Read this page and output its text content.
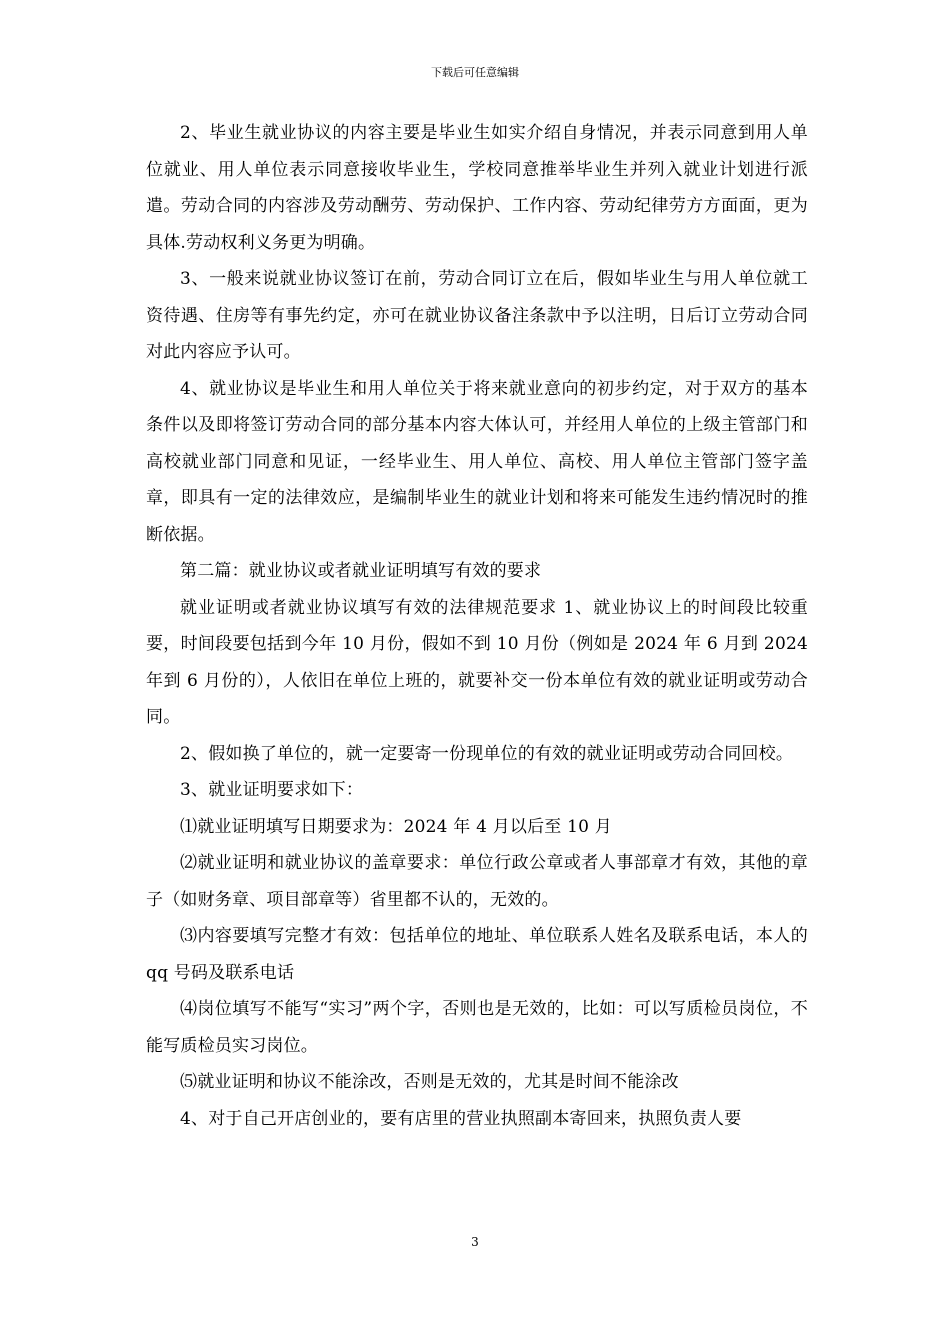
下载后可任意编辑

2、毕业生就业协议的内容主要是毕业生如实介绍自身情况，并表示同意到用人单位就业、用人单位表示同意接收毕业生，学校同意推举毕业生并列入就业计划进行派遣。劳动合同的内容涉及劳动酬劳、劳动保护、工作内容、劳动纪律劳方方面面，更为具体.劳动权利义务更为明确。

3、一般来说就业协议签订在前，劳动合同订立在后，假如毕业生与用人单位就工资待遇、住房等有事先约定，亦可在就业协议备注条款中予以注明，日后订立劳动合同对此内容应予认可。

4、就业协议是毕业生和用人单位关于将来就业意向的初步约定，对于双方的基本条件以及即将签订劳动合同的部分基本内容大体认可，并经用人单位的上级主管部门和高校就业部门同意和见证，一经毕业生、用人单位、高校、用人单位主管部门签字盖章，即具有一定的法律效应，是编制毕业生的就业计划和将来可能发生违约情况时的推断依据。

第二篇：就业协议或者就业证明填写有效的要求

就业证明或者就业协议填写有效的法律规范要求 1、就业协议上的时间段比较重要，时间段要包括到今年 10 月份，假如不到 10 月份（例如是 2024 年 6 月到 2024 年到 6 月份的），人依旧在单位上班的，就要补交一份本单位有效的就业证明或劳动合同。

2、假如换了单位的，就一定要寄一份现单位的有效的就业证明或劳动合同回校。

3、就业证明要求如下：

⑴就业证明填写日期要求为：2024 年 4 月以后至 10 月

⑵就业证明和就业协议的盖章要求：单位行政公章或者人事部章才有效，其他的章子（如财务章、项目部章等）省里都不认的，无效的。

⑶内容要填写完整才有效：包括单位的地址、单位联系人姓名及联系电话，本人的 qq 号码及联系电话

⑷岗位填写不能写“实习”两个字，否则也是无效的，比如：可以写质检员岗位，不能写质检员实习岗位。

⑸就业证明和协议不能涂改，否则是无效的，尤其是时间不能涂改

4、对于自己开店创业的，要有店里的营业执照副本寄回来，执照负责人要

3
